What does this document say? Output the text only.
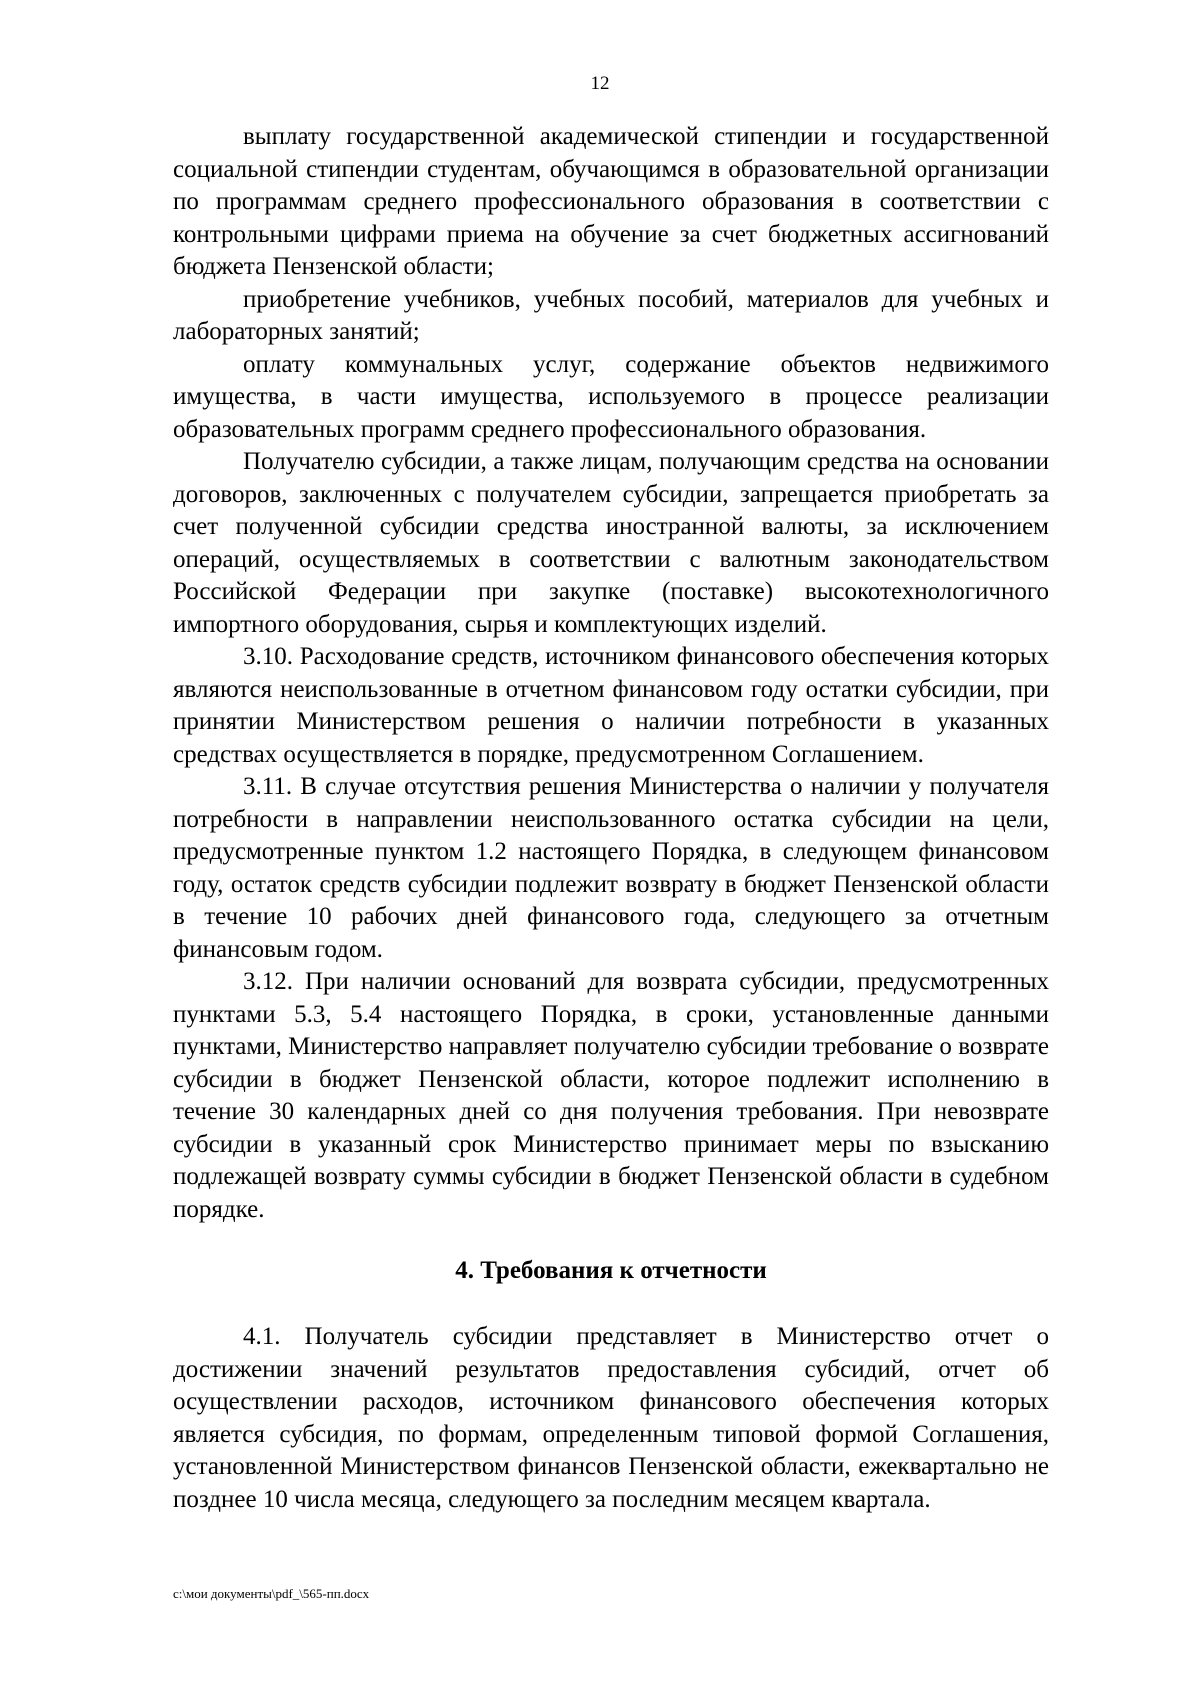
12

выплату государственной академической стипендии и государственной социальной стипендии студентам, обучающимся в образовательной организации по программам среднего профессионального образования в соответствии с контрольными цифрами приема на обучение за счет бюджетных ассигнований бюджета Пензенской области;

приобретение учебников, учебных пособий, материалов для учебных и лабораторных занятий;

оплату коммунальных услуг, содержание объектов недвижимого имущества, в части имущества, используемого в процессе реализации образовательных программ среднего профессионального образования.

Получателю субсидии, а также лицам, получающим средства на основании договоров, заключенных с получателем субсидии, запрещается приобретать за счет полученной субсидии средства иностранной валюты, за исключением операций, осуществляемых в соответствии с валютным законодательством Российской Федерации при закупке (поставке) высокотехнологичного импортного оборудования, сырья и комплектующих изделий.

3.10. Расходование средств, источником финансового обеспечения которых являются неиспользованные в отчетном финансовом году остатки субсидии, при принятии Министерством решения о наличии потребности в указанных средствах осуществляется в порядке, предусмотренном Соглашением.

3.11. В случае отсутствия решения Министерства о наличии у получателя потребности в направлении неиспользованного остатка субсидии на цели, предусмотренные пунктом 1.2 настоящего Порядка, в следующем финансовом году, остаток средств субсидии подлежит возврату в бюджет Пензенской области в течение 10 рабочих дней финансового года, следующего за отчетным финансовым годом.

3.12. При наличии оснований для возврата субсидии, предусмотренных пунктами 5.3, 5.4 настоящего Порядка, в сроки, установленные данными пунктами, Министерство направляет получателю субсидии требование о возврате субсидии в бюджет Пензенской области, которое подлежит исполнению в течение 30 календарных дней со дня получения требования. При невозврате субсидии в указанный срок Министерство принимает меры по взысканию подлежащей возврату суммы субсидии в бюджет Пензенской области в судебном порядке.

4. Требования к отчетности

4.1. Получатель субсидии представляет в Министерство отчет о достижении значений результатов предоставления субсидий, отчет об осуществлении расходов, источником финансового обеспечения которых является субсидия, по формам, определенным типовой формой Соглашения, установленной Министерством финансов Пензенской области, ежеквартально не позднее 10 числа месяца, следующего за последним месяцем квартала.

c:\мои документы\pdf_\565-пп.docx
